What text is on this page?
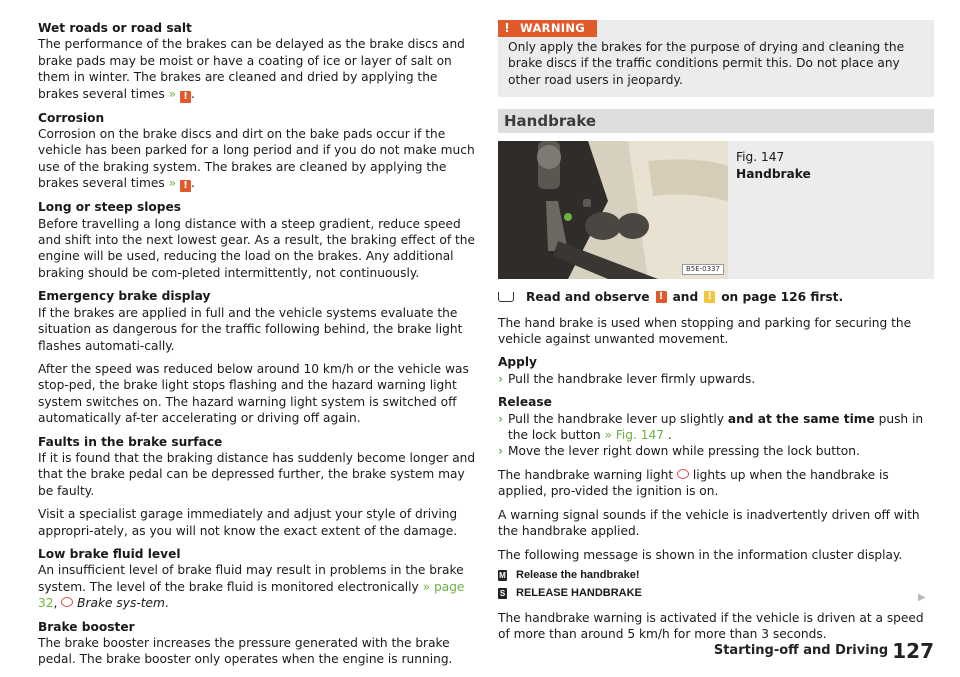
Wet roads or road salt
The performance of the brakes can be delayed as the brake discs and brake pads may be moist or have a coating of ice or layer of salt on them in winter. The brakes are cleaned and dried by applying the brakes several times » ! .
Corrosion
Corrosion on the brake discs and dirt on the bake pads occur if the vehicle has been parked for a long period and if you do not make much use of the braking system. The brakes are cleaned by applying the brakes several times » ! .
Long or steep slopes
Before travelling a long distance with a steep gradient, reduce speed and shift into the next lowest gear. As a result, the braking effect of the engine will be used, reducing the load on the brakes. Any additional braking should be com-pleted intermittently, not continuously.
Emergency brake display
If the brakes are applied in full and the vehicle systems evaluate the situation as dangerous for the traffic following behind, the brake light flashes automati-cally.

After the speed was reduced below around 10 km/h or the vehicle was stop-ped, the brake light stops flashing and the hazard warning light system switches on. The hazard warning light system is switched off automatically af-ter accelerating or driving off again.

Faults in the brake surface
If it is found that the braking distance has suddenly become longer and that the brake pedal can be depressed further, the brake system may be faulty.

Visit a specialist garage immediately and adjust your style of driving appropri-ately, as you will not know the exact extent of the damage.

Low brake fluid level
An insufficient level of brake fluid may result in problems in the brake system. The level of the brake fluid is monitored electronically » page 32, Brake sys-tem.
Brake booster
The brake booster increases the pressure generated with the brake pedal. The brake booster only operates when the engine is running.
! WARNING
Only apply the brakes for the purpose of drying and cleaning the brake discs if the traffic conditions permit this. Do not place any other road users in jeopardy.
Handbrake
B5E-0337
Fig. 147
Handbrake
Read and observe ! and ! on page 126 first.

The hand brake is used when stopping and parking for securing the vehicle against unwanted movement.

Apply
› Pull the handbrake lever firmly upwards.
Release
› Pull the handbrake lever up slightly and at the same time push in the lock button » Fig. 147 .
› Move the lever right down while pressing the lock button.

The handbrake warning light lights up when the handbrake is applied, pro-vided the ignition is on.

A warning signal sounds if the vehicle is inadvertently driven off with the handbrake applied.

The following message is shown in the information cluster display.

M Release the handbrake!
S RELEASE HANDBRAKE

The handbrake warning is activated if the vehicle is driven at a speed of more than around 5 km/h for more than 3 seconds.

▶
Starting-off and Driving 127
